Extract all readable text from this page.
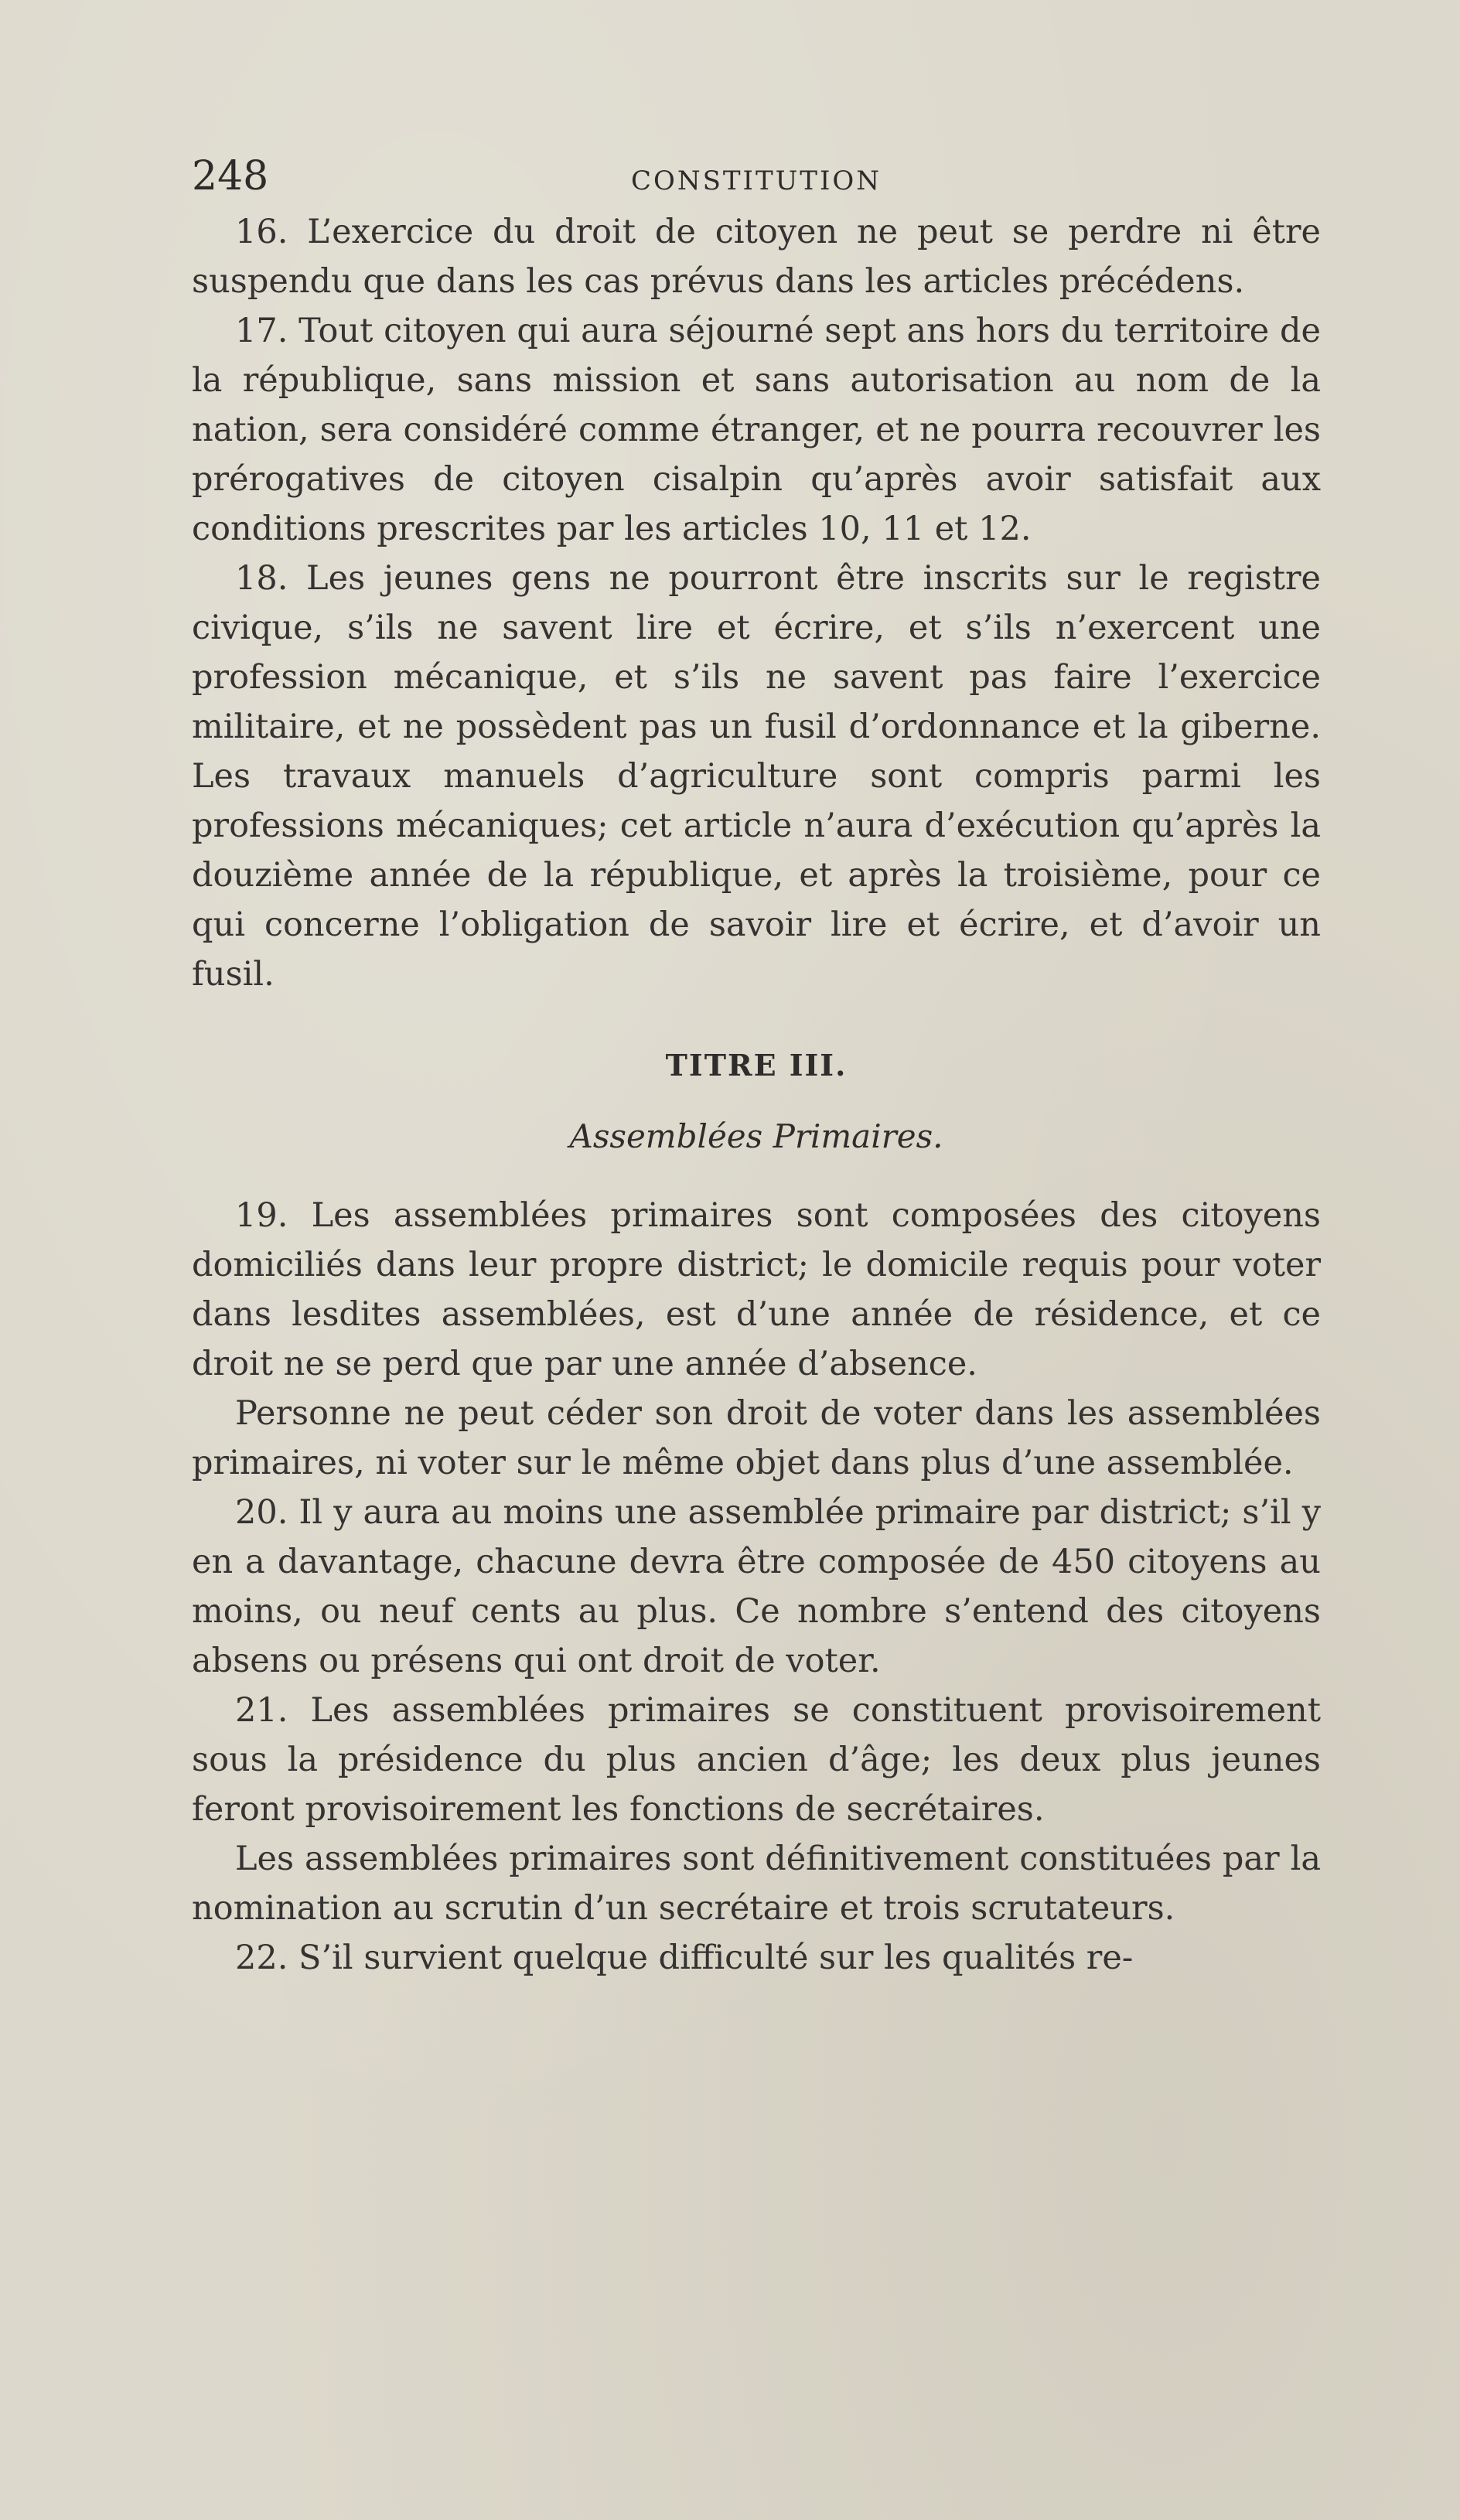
248	CONSTITUTION

16. L’exercice du droit de citoyen ne peut se perdre ni être suspendu que dans les cas prévus dans les articles précédens.

17. Tout citoyen qui aura séjourné sept ans hors du territoire de la république, sans mission et sans autorisation au nom de la nation, sera considéré comme étranger, et ne pourra recouvrer les prérogatives de citoyen cisalpin qu’après avoir satisfait aux conditions prescrites par les articles 10, 11 et 12.

18. Les jeunes gens ne pourront être inscrits sur le registre civique, s’ils ne savent lire et écrire, et s’ils n’exercent une profession mécanique, et s’ils ne savent pas faire l’exercice militaire, et ne possèdent pas un fusil d’ordonnance et la giberne. Les travaux manuels d’agriculture sont compris parmi les professions mécaniques; cet article n’aura d’exécution qu’après la douzième année de la république, et après la troisième, pour ce qui concerne l’obligation de savoir lire et écrire, et d’avoir un fusil.

TITRE III.
Assemblées Primaires.

19. Les assemblées primaires sont composées des citoyens domiciliés dans leur propre district; le domicile requis pour voter dans lesdites assemblées, est d’une année de résidence, et ce droit ne se perd que par une année d’absence.

Personne ne peut céder son droit de voter dans les assemblées primaires, ni voter sur le même objet dans plus d’une assemblée.

20. Il y aura au moins une assemblée primaire par district; s’il y en a davantage, chacune devra être composée de 450 citoyens au moins, ou neuf cents au plus. Ce nombre s’entend des citoyens absens ou présens qui ont droit de voter.

21. Les assemblées primaires se constituent provisoirement sous la présidence du plus ancien d’âge; les deux plus jeunes feront provisoirement les fonctions de secrétaires.

Les assemblées primaires sont définitivement constituées par la nomination au scrutin d’un secrétaire et trois scrutateurs.

22. S’il survient quelque difficulté sur les qualités re-
